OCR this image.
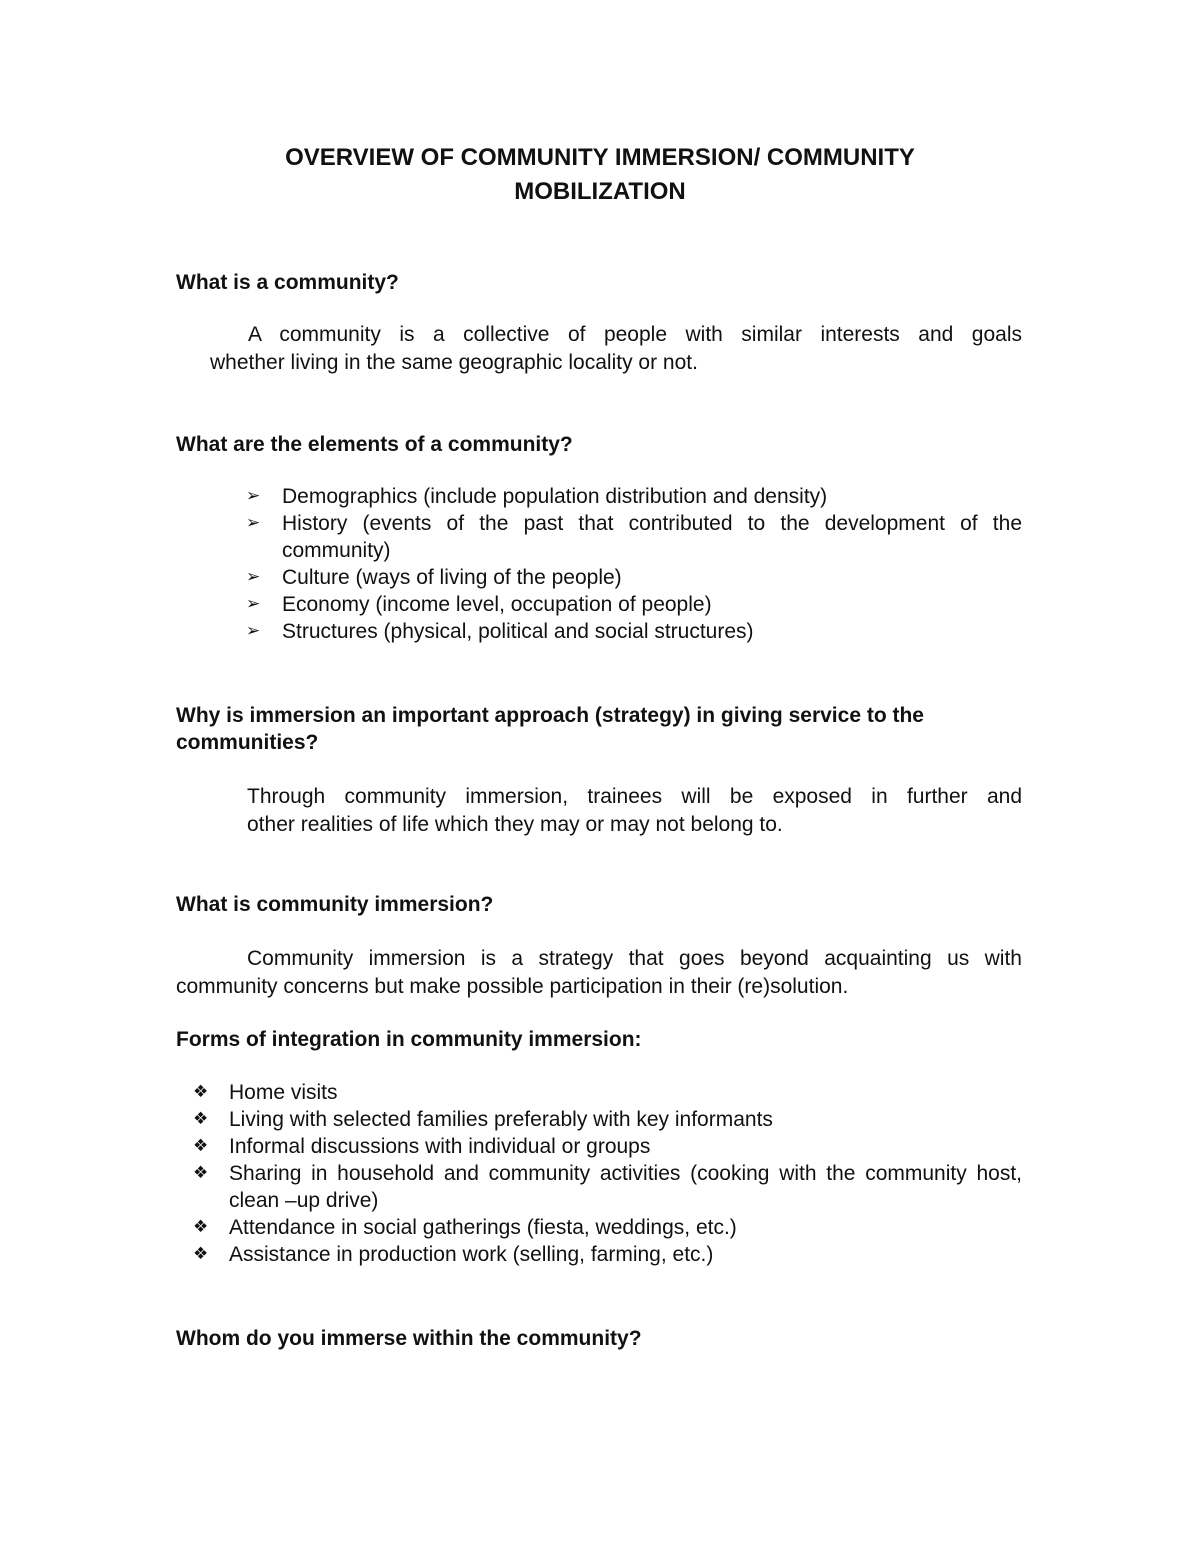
OVERVIEW OF COMMUNITY IMMERSION/ COMMUNITY
MOBILIZATION
What is a community?
A community is a collective of people with similar interests and goals
whether living in the same geographic locality or not.
What are the elements of a community?
➢	Demographics (include population distribution and density)
➢	History (events of the past that contributed to the development of the community)
➢	Culture (ways of living of the people)
➢	Economy (income level, occupation of people)
➢	Structures (physical, political and social structures)
Why is immersion an important approach (strategy) in giving service to the communities?
Through community immersion, trainees will be exposed in further and
other realities of life which they may or may not belong to.
What is community immersion?
Community immersion is a strategy that goes beyond acquainting us with
community concerns but make possible participation in their (re)solution.
Forms of integration in community immersion:
❖ Home visits
❖ Living with selected families preferably with key informants
❖ Informal discussions with individual or groups
❖ Sharing in household and community activities (cooking with the community host, clean –up drive)
❖ Attendance in social gatherings (fiesta, weddings, etc.)
❖ Assistance in production work (selling, farming, etc.)
Whom do you immerse within the community?
